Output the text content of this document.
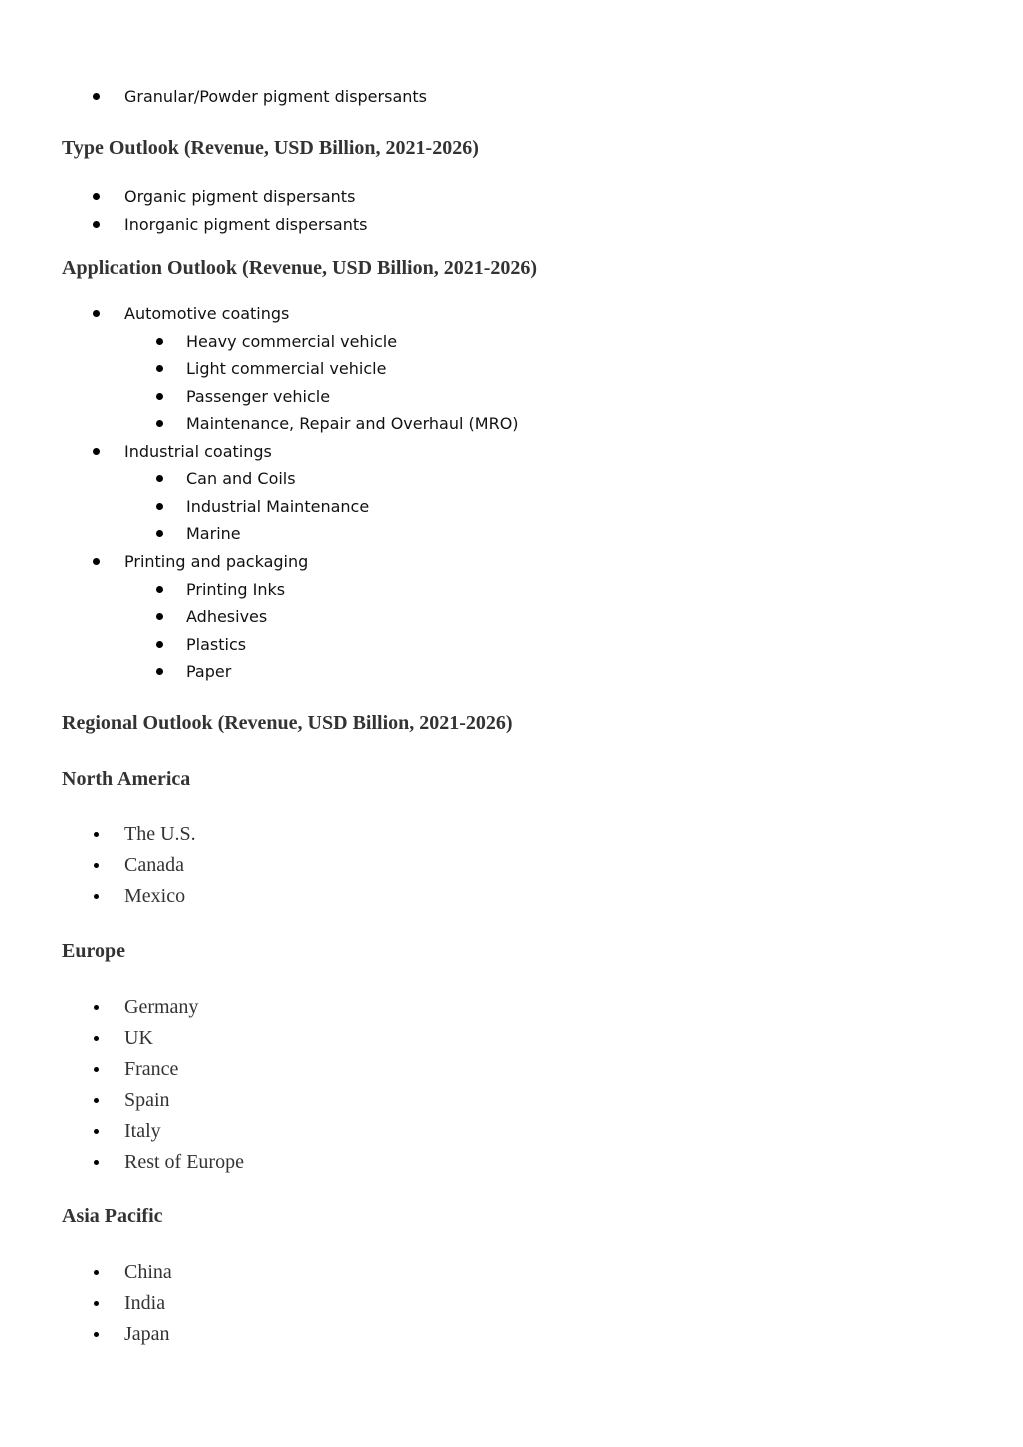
Granular/Powder pigment dispersants

Type Outlook (Revenue, USD Billion, 2021-2026)

Organic pigment dispersants

Inorganic pigment dispersants

Application Outlook (Revenue, USD Billion, 2021-2026)

Automotive coatings

Heavy commercial vehicle

Light commercial vehicle

Passenger vehicle

Maintenance, Repair and Overhaul (MRO)

Industrial coatings

Can and Coils

Industrial Maintenance

Marine

Printing and packaging

Printing Inks

Adhesives

Plastics

Paper

Regional Outlook (Revenue, USD Billion, 2021-2026)
North America

The U.S.

Canada

Mexico

Europe

Germany

UK

France

Spain

Italy

Rest of Europe

Asia Pacific

China

India

Japan
